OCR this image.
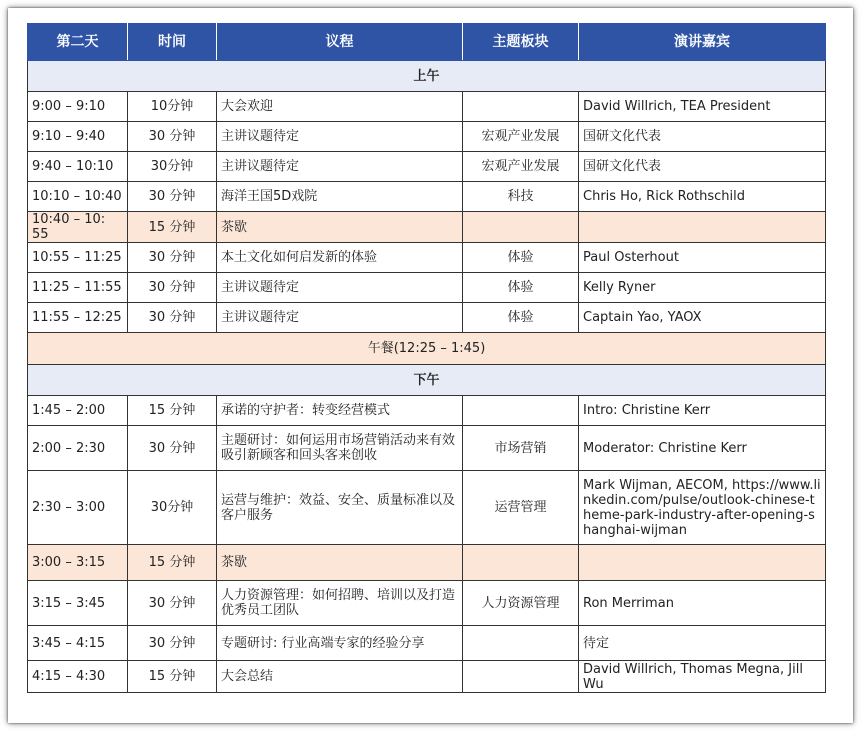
第二天	时间	议程	主题板块	演讲嘉宾
上午				
9:00 – 9:10	10分钟	大会欢迎		David Willrich, TEA President
9:10 – 9:40	30 分钟	主讲议题待定	宏观产业发展	国研文化代表
9:40 – 10:10	30分钟	主讲议题待定	宏观产业发展	国研文化代表
10:10 – 10:40	30 分钟	海洋王国5D戏院	科技	Chris Ho, Rick Rothschild
10:40 – 10: 55	15 分钟	茶歇		
10:55 – 11:25	30 分钟	本土文化如何启发新的体验	体验	Paul Osterhout
11:25 – 11:55	30 分钟	主讲议题待定	体验	Kelly Ryner
11:55 – 12:25	30 分钟	主讲议题待定	体验	Captain Yao, YAOX
午餐(12:25 – 1:45)				
下午				
1:45 – 2:00	15 分钟	承诺的守护者：转变经营模式		Intro: Christine Kerr
2:00 – 2:30	30 分钟	主题研讨：如何运用市场营销活动来有效吸引新顾客和回头客来创收	市场营销	Moderator: Christine Kerr
2:30 – 3:00	30分钟	运营与维护：效益、安全、质量标准以及客户服务	运营管理	Mark Wijman, AECOM, https://www.linkedin.com/pulse/outlook-chinese-theme-park-industry-after-opening-shanghai-wijman
3:00 – 3:15	15 分钟	茶歇		
3:15 – 3:45	30 分钟	人力资源管理：如何招聘、培训以及打造优秀员工团队	人力资源管理	Ron Merriman
3:45 – 4:15	30 分钟	专题研讨: 行业高端专家的经验分享		待定
4:15 – 4:30	15 分钟	大会总结		David Willrich, Thomas Megna, Jill Wu
